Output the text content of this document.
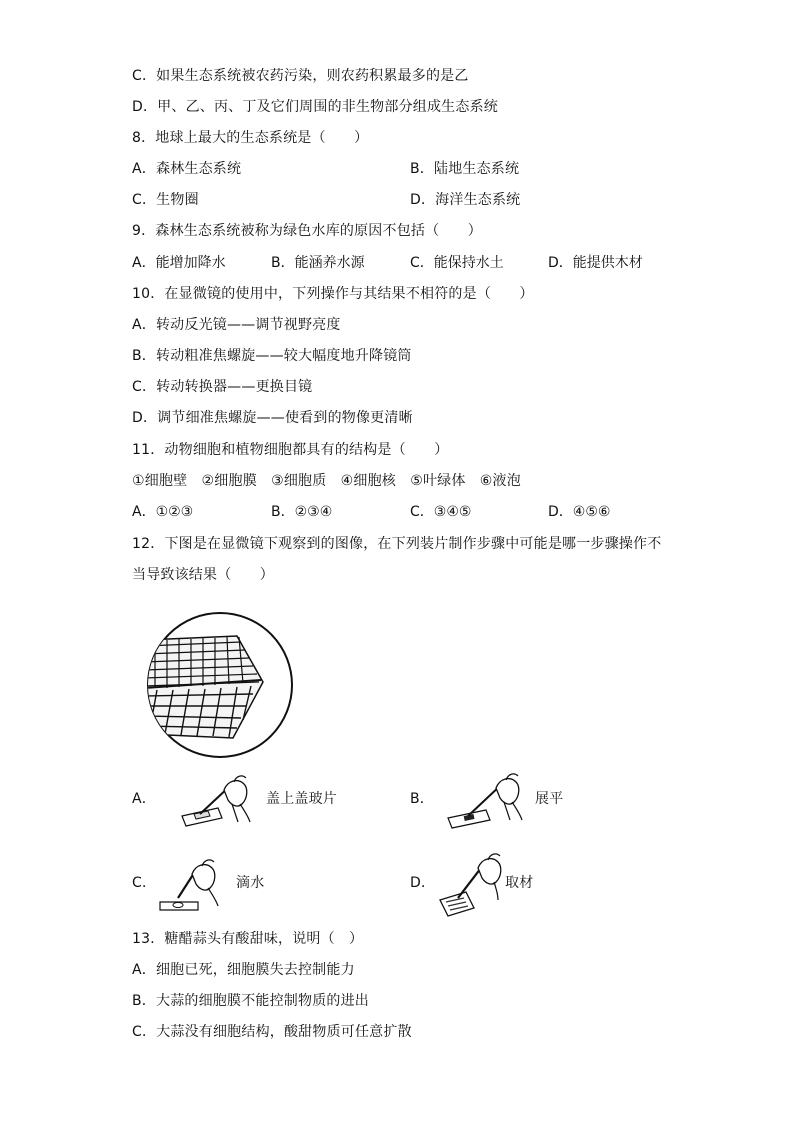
C．如果生态系统被农药污染，则农药积累最多的是乙
D．甲、乙、丙、丁及它们周围的非生物部分组成生态系统
8．地球上最大的生态系统是（　　）
A．森林生态系统	B．陆地生态系统
C．生物圈	D．海洋生态系统
9．森林生态系统被称为绿色水库的原因不包括（　　）
A．能增加降水	B．能涵养水源	C．能保持水土	D．能提供木材
10．在显微镜的使用中，下列操作与其结果不相符的是（　　）
A．转动反光镜——调节视野亮度
B．转动粗准焦螺旋——较大幅度地升降镜筒
C．转动转换器——更换目镜
D．调节细准焦螺旋——使看到的物像更清晰
11．动物细胞和植物细胞都具有的结构是（　　）
①细胞壁　②细胞膜　③细胞质　④细胞核　⑤叶绿体　⑥液泡
A．①②③	B．②③④	C．③④⑤	D．④⑤⑥
12．下图是在显微镜下观察到的图像，在下列装片制作步骤中可能是哪一步骤操作不
当导致该结果（　　）
A．	盖上盖玻片	B．	展平
C．	滴水	D．	取材
13．糖醋蒜头有酸甜味，说明（　）
A．细胞已死，细胞膜失去控制能力
B．大蒜的细胞膜不能控制物质的进出
C．大蒜没有细胞结构，酸甜物质可任意扩散
